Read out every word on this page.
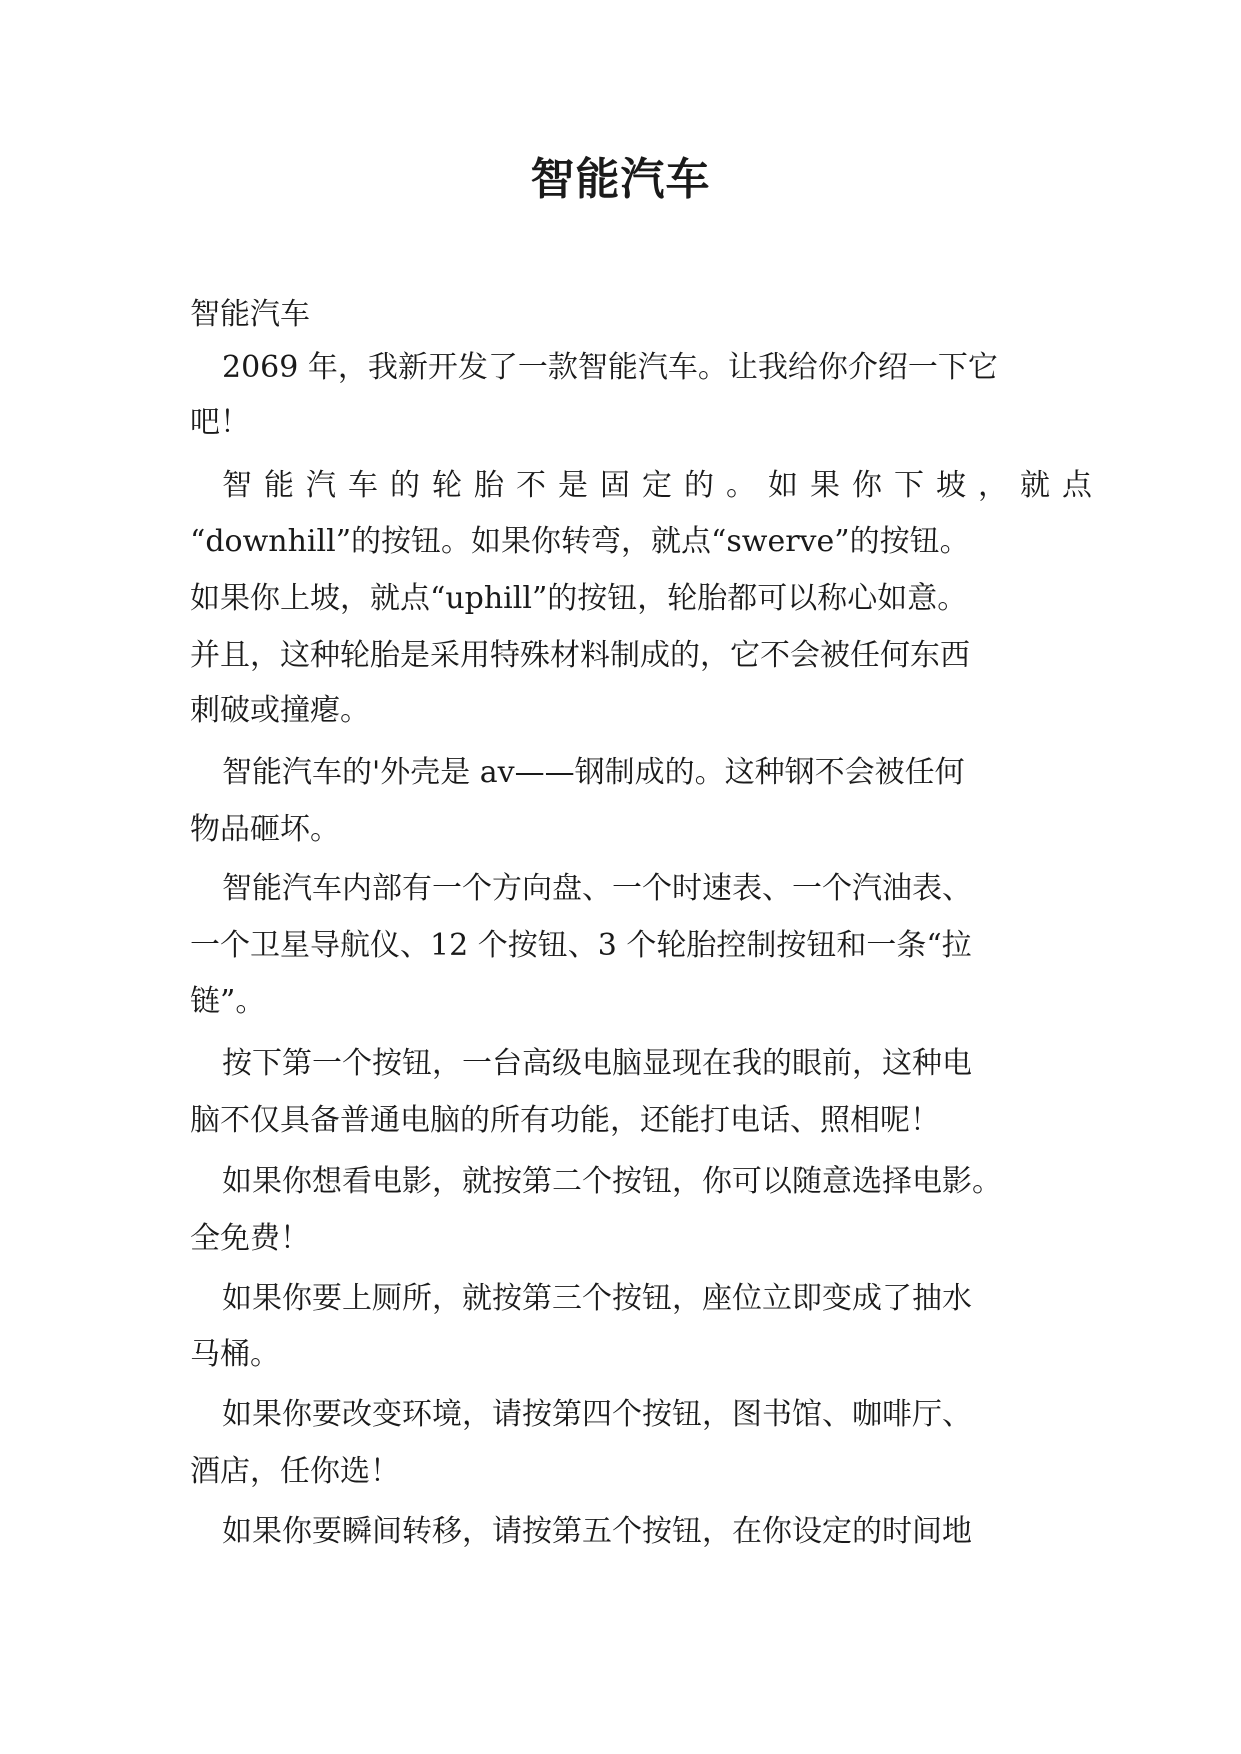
智能汽车

智能汽车

2069 年，我新开发了一款智能汽车。让我给你介绍一下它

吧！

智能汽车的轮胎不是固定的。如果你下坡，就点

“downhill”的按钮。如果你转弯，就点“swerve”的按钮。

如果你上坡，就点“uphill”的按钮，轮胎都可以称心如意。

并且，这种轮胎是采用特殊材料制成的，它不会被任何东西

刺破或撞瘪。

智能汽车的'外壳是 av——钢制成的。这种钢不会被任何

物品砸坏。

智能汽车内部有一个方向盘、一个时速表、一个汽油表、

一个卫星导航仪、12 个按钮、3 个轮胎控制按钮和一条“拉

链”。

按下第一个按钮，一台高级电脑显现在我的眼前，这种电

脑不仅具备普通电脑的所有功能，还能打电话、照相呢！

如果你想看电影，就按第二个按钮，你可以随意选择电影。

全免费！

如果你要上厕所，就按第三个按钮，座位立即变成了抽水

马桶。

如果你要改变环境，请按第四个按钮，图书馆、咖啡厅、

酒店，任你选！

如果你要瞬间转移，请按第五个按钮，在你设定的时间地
